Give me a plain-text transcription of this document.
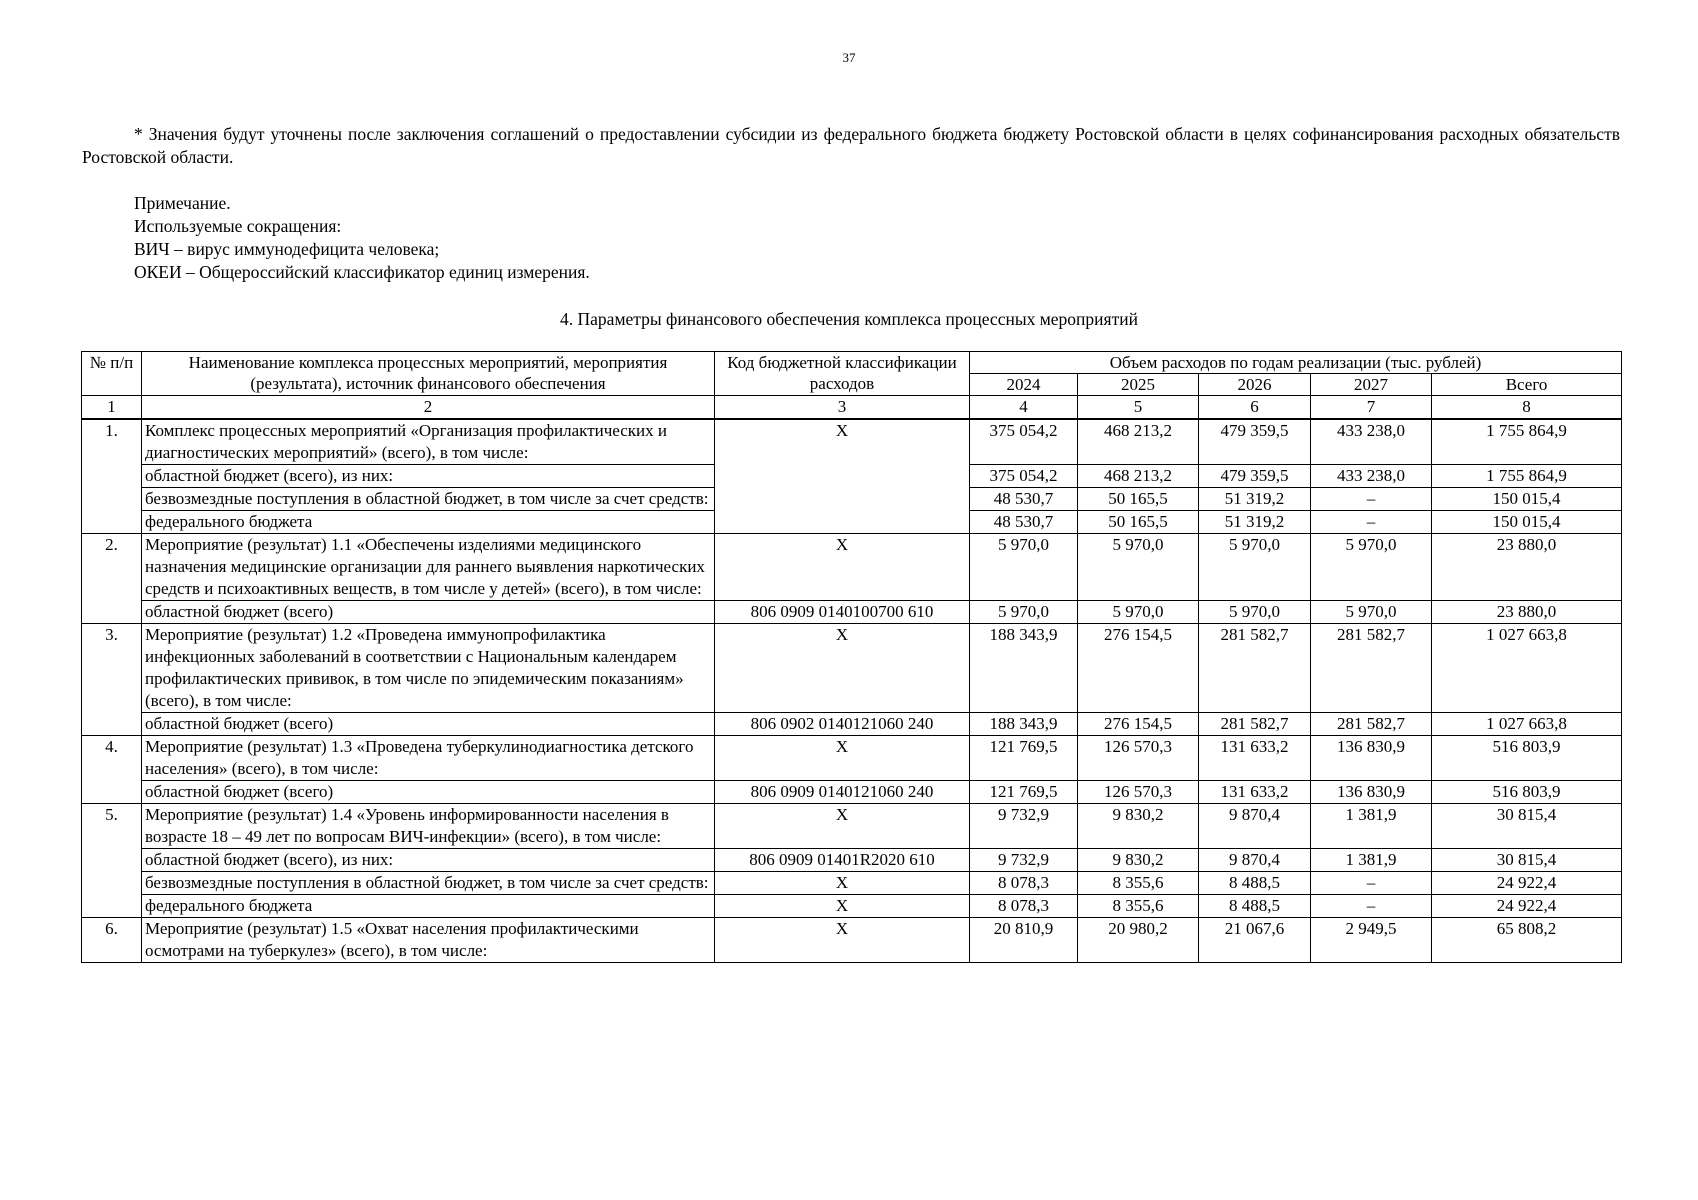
37
* Значения будут уточнены после заключения соглашений о предоставлении субсидии из федерального бюджета бюджету Ростовской области в целях софинансирования расходных обязательств Ростовской области.
Примечание.
Используемые сокращения:
ВИЧ – вирус иммунодефицита человека;
ОКЕИ – Общероссийский классификатор единиц измерения.
4. Параметры финансового обеспечения комплекса процессных мероприятий
№ п/п	Наименование комплекса процессных мероприятий, мероприятия (результата), источник финансового обеспечения	Код бюджетной классификации расходов	Объем расходов по годам реализации (тыс. рублей)				
			2024	2025	2026	2027	Всего
1	2	3	4	5	6	7	8
1.	Комплекс процессных мероприятий «Организация профилактических и диагностических мероприятий» (всего), в том числе:	Х	375 054,2	468 213,2	479 359,5	433 238,0	1 755 864,9
	областной бюджет (всего), из них:		375 054,2	468 213,2	479 359,5	433 238,0	1 755 864,9
	безвозмездные поступления в областной бюджет, в том числе за счет средств:		48 530,7	50 165,5	51 319,2	–	150 015,4
	федерального бюджета		48 530,7	50 165,5	51 319,2	–	150 015,4
2.	Мероприятие (результат) 1.1 «Обеспечены изделиями медицинского назначения медицинские организации для раннего выявления наркотических средств и психоактивных веществ, в том числе у детей» (всего), в том числе:	Х	5 970,0	5 970,0	5 970,0	5 970,0	23 880,0
	областной бюджет (всего)	806 0909 0140100700 610	5 970,0	5 970,0	5 970,0	5 970,0	23 880,0
3.	Мероприятие (результат) 1.2 «Проведена иммунопрофилактика инфекционных заболеваний в соответствии с Национальным календарем профилактических прививок, в том числе по эпидемическим показаниям» (всего), в том числе:	Х	188 343,9	276 154,5	281 582,7	281 582,7	1 027 663,8
	областной бюджет (всего)	806 0902 0140121060 240	188 343,9	276 154,5	281 582,7	281 582,7	1 027 663,8
4.	Мероприятие (результат) 1.3 «Проведена туберкулинодиагностика детского населения» (всего), в том числе:	Х	121 769,5	126 570,3	131 633,2	136 830,9	516 803,9
	областной бюджет (всего)	806 0909 0140121060 240	121 769,5	126 570,3	131 633,2	136 830,9	516 803,9
5.	Мероприятие (результат) 1.4 «Уровень информированности населения в возрасте 18 – 49 лет по вопросам ВИЧ-инфекции» (всего), в том числе:	Х	9 732,9	9 830,2	9 870,4	1 381,9	30 815,4
	областной бюджет (всего), из них:	806 0909 01401R2020 610	9 732,9	9 830,2	9 870,4	1 381,9	30 815,4
	безвозмездные поступления в областной бюджет, в том числе за счет средств:	Х	8 078,3	8 355,6	8 488,5	–	24 922,4
	федерального бюджета	Х	8 078,3	8 355,6	8 488,5	–	24 922,4
6.	Мероприятие (результат) 1.5 «Охват населения профилактическими осмотрами на туберкулез» (всего), в том числе:	Х	20 810,9	20 980,2	21 067,6	2 949,5	65 808,2
